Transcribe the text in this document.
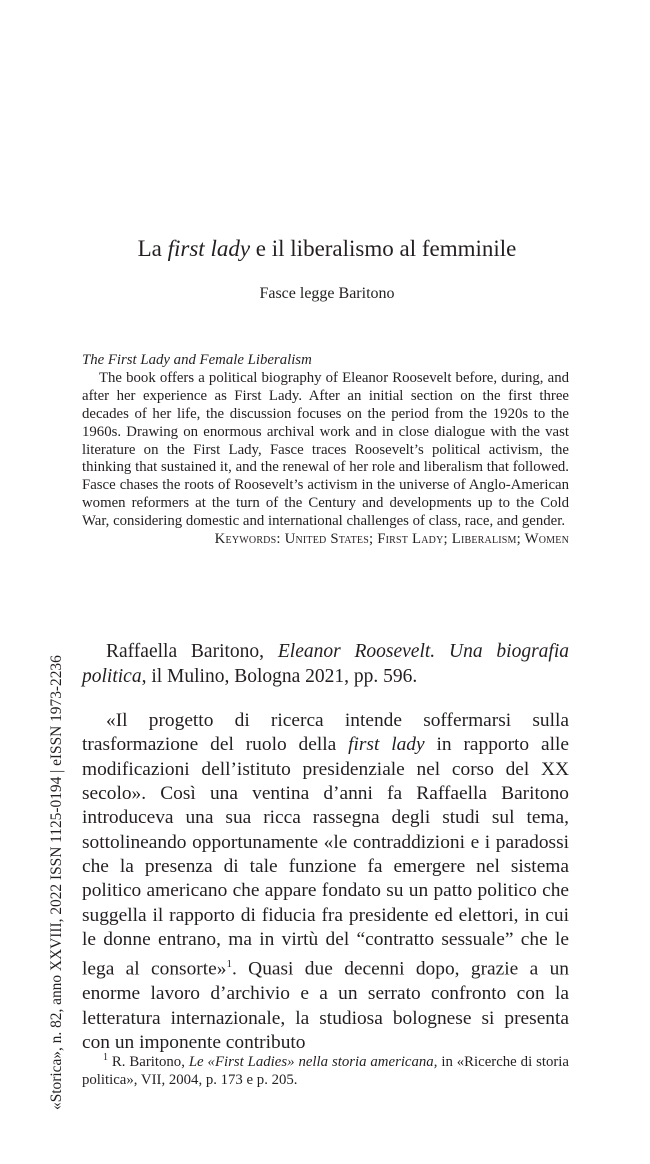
La first lady e il liberalismo al femminile
Fasce legge Baritono
The First Lady and Female Liberalism
The book offers a political biography of Eleanor Roosevelt before, during, and after her experience as First Lady. After an initial section on the first three decades of her life, the discussion focuses on the period from the 1920s to the 1960s. Drawing on enormous archival work and in close dialogue with the vast literature on the First Lady, Fasce traces Roosevelt’s political activism, the thinking that sustained it, and the renewal of her role and liberalism that followed. Fasce chases the roots of Roosevelt’s activism in the universe of Anglo-American women reformers at the turn of the Century and developments up to the Cold War, considering domestic and international challenges of class, race, and gender.
Keywords: United States; First Lady; Liberalism; Women
Raffaella Baritono, Eleanor Roosevelt. Una biografia politica, il Mulino, Bologna 2021, pp. 596.
«Il progetto di ricerca intende soffermarsi sulla trasformazione del ruolo della first lady in rapporto alle modificazioni dell’istituto presidenziale nel corso del XX secolo». Così una ventina d’anni fa Raffaella Baritono introduceva una sua ricca rassegna degli studi sul tema, sottolineando opportunamente «le contraddizioni e i paradossi che la presenza di tale funzione fa emergere nel sistema politico americano che appare fondato su un patto politico che suggella il rapporto di fiducia fra presidente ed elettori, in cui le donne entrano, ma in virtù del “contratto sessuale” che le lega al consorte»$^1$. Quasi due decenni dopo, grazie a un enorme lavoro d’archivio e a un serrato confronto con la letteratura internazionale, la studiosa bolognese si presenta con un imponente contributo
$^1$ R. Baritono, Le «First Ladies» nella storia americana, in «Ricerche di storia politica», VII, 2004, p. 173 e p. 205.
«Storica», n. 82, anno XXVIII, 2022 ISSN 1125-0194 | eISSN 1973-2236
